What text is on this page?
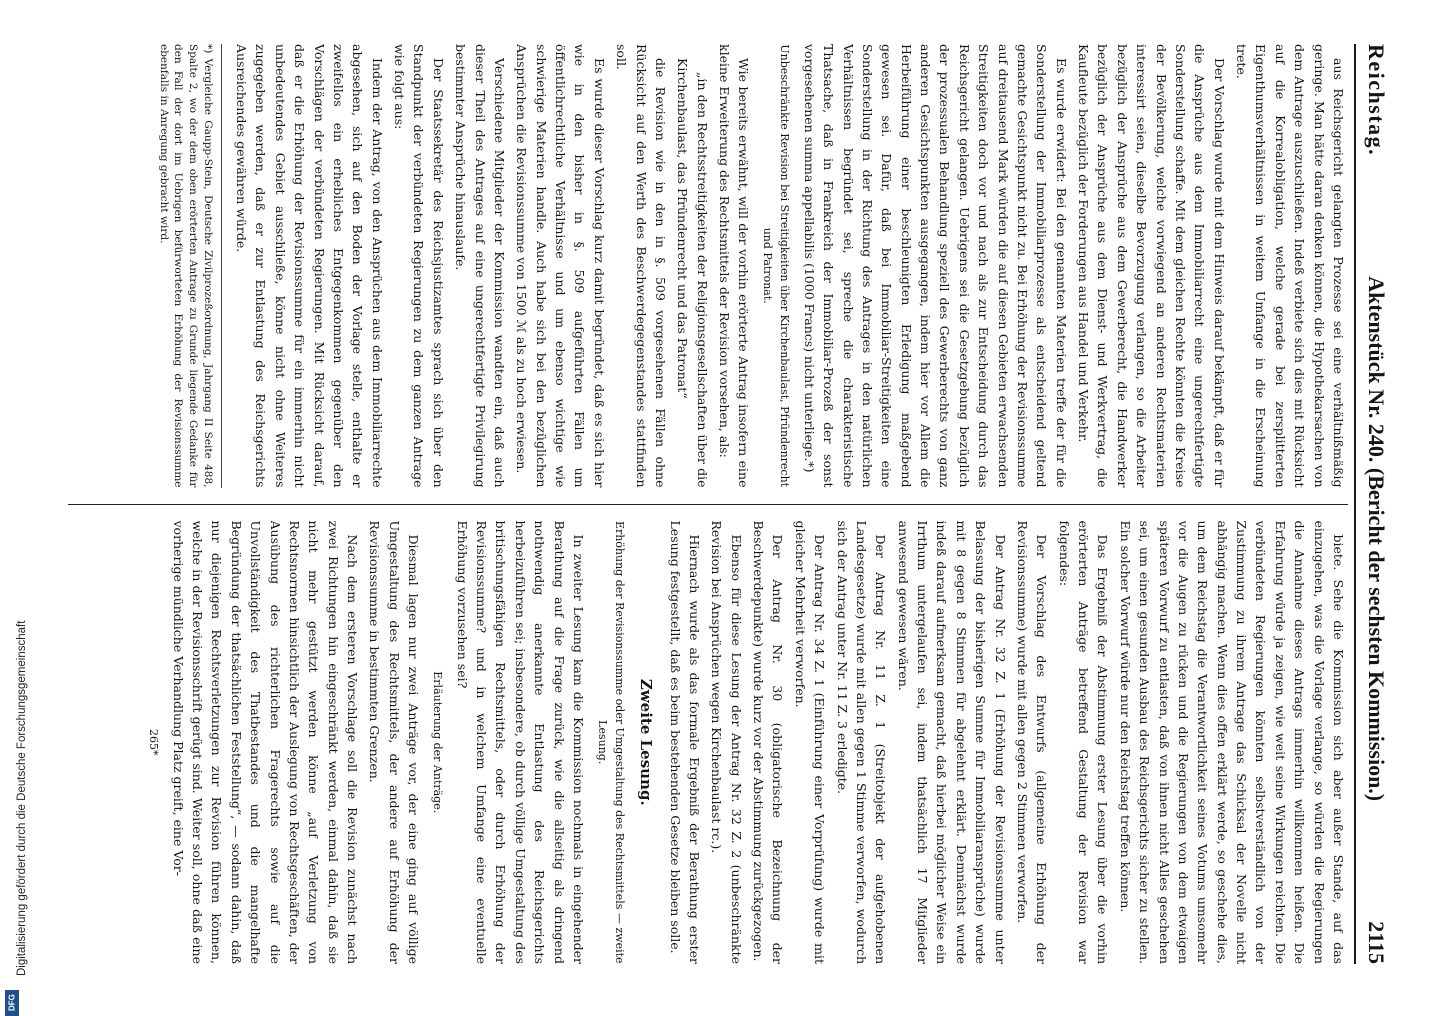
Digitalisierung gefördert durch die Deutsche Forschungsgemeinschaft
DFG
Reichstag.
Aktenstück Nr. 240. (Bericht der sechsten Kommission.)
2115

aus Reichsgericht gelangten Prozesse sei eine verhältnißmäßig geringe. Man hätte daran denken können, die Hypothekarsachen von dem Antrage auszuschließen. Indeß verbiete sich dies mit Rücksicht auf die Korrealobligation, welche gerade bei zersplitterten Eigenthumsverhältnissen in weitem Umfange in die Erscheinung trete.

Der Vorschlag wurde mit dem Hinweis darauf bekämpft, daß er für die Ansprüche aus dem Immobiliarrecht eine ungerechtfertigte Sonderstellung schaffe. Mit dem gleichen Rechte könnten die Kreise der Bevölkerung, welche vorwiegend an anderen Rechtsmaterien interessirt seien, dieselbe Bevorzugung verlangen, so die Arbeiter bezüglich der Ansprüche aus dem Gewerberecht, die Handwerker bezüglich der Ansprüche aus dem Dienst- und Werkvertrag, die Kaufleute bezüglich der Forderungen aus Handel und Verkehr.

Es wurde erwidert: Bei den genannten Materien treffe der für die Sonderstellung der Immobiliarprozesse als entscheidend geltend gemachte Gesichtspunkt nicht zu. Bei Erhöhung der Revisionssumme auf dreitausend Mark würden die auf diesen Gebieten erwachsenden Streitigkeiten doch vor und nach als zur Entscheidung durch das Reichsgericht gelangen. Uebrigens sei die Gesetzgebung bezüglich der prozessualen Behandlung speziell des Gewerberechts von ganz anderen Gesichtspunkten ausgegangen, indem hier vor Allem die Herbeiführung einer beschleunigten Erledigung maßgebend gewesen sei. Dafür, daß bei Immobiliar-Streitigkeiten eine Sonderstellung in der Richtung des Antrages in den natürlichen Verhältnissen begründet sei, spreche die charakteristische Thatsache, daß in Frankreich der Immobiliar-Prozeß der sonst vorgesehenen summa appellabilis (1000 Francs) nicht unterliege.*)

Unbeschränkte Revision bei Streitigkeiten über Kirchenbaulast, Pfründenrecht und Patronat.

Wie bereits erwähnt, will der vorhin erörterte Antrag insofern eine kleine Erweiterung des Rechtsmittels der Revision vorsehen, als:

„in den Rechtsstreitigkeiten der Religionsgesellschaften über die Kirchenbaulast, das Pfründenrecht und das Patronat“

die Revision wie in den in §. 509 vorgesehenen Fällen ohne Rücksicht auf den Werth des Beschwerdegegenstandes stattfinden soll.

Es wurde dieser Vorschlag kurz damit begründet, daß es sich hier wie in den bisher in §. 509 aufgeführten Fällen um öffentlichrechtliche Verhältnisse und um ebenso wichtige wie schwierige Materien handle. Auch habe sich bei den bezüglichen Ansprüchen die Revisionssumme von 1500 ℳ als zu hoch erwiesen.

Verschiedene Mitglieder der Kommission wandten ein, daß auch dieser Theil des Antrages auf eine ungerechtfertigte Privilegirung bestimmter Ansprüche hinauslaufe.

Der Staatssekretär des Reichsjustizamtes sprach sich über den Standpunkt der verbündeten Regierungen zu dem ganzen Antrage wie folgt aus:

Indem der Antrag, von den Ansprüchen aus dem Immobiliarrechte abgesehen, sich auf den Boden der Vorlage stelle, enthalte er zweifellos ein erhebliches Entgegenkommen gegenüber den Vorschlägen der verbündeten Regierungen. Mit Rücksicht darauf, daß er die Erhöhung der Revisionssumme für ein immerhin nicht unbedeutendes Gebiet ausschließe, könne nicht ohne Weiteres zugegeben werden, daß er zur Entlastung des Reichsgerichts Ausreichendes gewähren würde.

*) Vergleiche Gaupp-Stein, Deutsche Zivilprozeßordnung, Jahrgang II Seite 488, Spalte 2, wo der dem oben erörterten Antrage zu Grunde liegende Gedanke für den Fall der dort im Uebrigen befürworteten Erhöhung der Revisionssumme ebenfalls in Anregung gebracht wird.

biete. Sehe die Kommission sich aber außer Stande, auf das einzugehen, was die Vorlage verlange, so würden die Regierungen die Annahme dieses Antrags immerhin willkommen heißen. Die Erfahrung würde ja zeigen, wie weit seine Wirkungen reichten. Die verbündeten Regierungen könnten selbstverständlich von der Zustimmung zu ihrem Antrage das Schicksal der Novelle nicht abhängig machen. Wenn dies offen erklärt werde, so geschehe dies, um dem Reichstag die Verantwortlichkeit seines Votums umsomehr vor die Augen zu rücken und die Regierungen von dem etwaigen späteren Vorwurf zu entlasten, daß von ihnen nicht Alles geschehen sei, um einen gesunden Ausbau des Reichsgerichts sicher zu stellen. Ein solcher Vorwurf würde nur den Reichstag treffen können.

Das Ergebniß der Abstimmung erster Lesung über die vorhin erörterten Anträge betreffend Gestaltung der Revision war folgendes:

Der Vorschlag des Entwurfs (allgemeine Erhöhung der Revisionssumme) wurde mit allen gegen 2 Stimmen verworfen.

Der Antrag Nr. 32 Z. 1 (Erhöhung der Revisionssumme unter Belassung der bisherigen Summe für Immobiliaransprüche) wurde mit 8 gegen 8 Stimmen für abgelehnt erklärt. Demnächst wurde indeß darauf aufmerksam gemacht, daß hierbei möglicher Weise ein Irrthum untergelaufen sei, indem thatsächlich 17 Mitglieder anwesend gewesen wären.

Der Antrag Nr. 11 Z. 1 (Streitobjekt der aufgehobenen Landesgesetze) wurde mit allen gegen 1 Stimme verworfen, wodurch sich der Antrag unter Nr. 11 Z. 3 erledigte.

Der Antrag Nr. 34 Z. 1 (Einführung einer Vorprüfung) wurde mit gleicher Mehrheit verworfen.

Der Antrag Nr. 30 (obligatorische Bezeichnung der Beschwerdepunkte) wurde kurz vor der Abstimmung zurückgezogen.

Ebenso für diese Lesung der Antrag Nr. 32 Z. 2 (unbeschränkte Revision bei Ansprüchen wegen Kirchenbaulast rc.).

Hiernach wurde als das formale Ergebniß der Berathung erster Lesung festgestellt, daß es beim bestehenden Gesetze bleiben solle.

Zweite Lesung.

Erhöhung der Revisionssumme oder Umgestaltung des Rechtsmittels — zweite Lesung.

In zweiter Lesung kam die Kommission nochmals in eingehender Berathung auf die Frage zurück, wie die allseitig als dringend nothwendig anerkannte Entlastung des Reichsgerichts herbeizuführen sei; insbesondere, ob durch völlige Umgestaltung des britischungsfähigen Rechtsmittels, oder durch Erhöhung der Revisionssumme? und in welchem Umfange eine eventuelle Erhöhung vorzusehen sei?

Erläuterung der Anträge.

Diesmal lagen nur zwei Anträge vor, der eine ging auf völlige Umgestaltung des Rechtsmittels, der andere auf Erhöhung der Revisionssumme in bestimmten Grenzen.

Nach dem ersteren Vorschlage soll die Revision zunächst nach zwei Richtungen hin eingeschränkt werden, einmal dahin, daß sie nicht mehr gestützt werden könne „auf Verletzung von Rechtsnormen hinsichtlich der Auslegung von Rechtsgeschäften, der Ausübung des richterlichen Fragerechts sowie auf die Unvollständigkeit des Thatbestandes und die mangelhafte Begründung der thatsächlichen Feststellung“, — sodann dahin, daß nur diejenigen Rechtsverletzungen zur Revision führen können, welche in der Revisionsschrift gerügt sind. Weiter soll, ohne daß eine vorherige mündliche Verhandlung Platz greift, eine Vor-

265*
